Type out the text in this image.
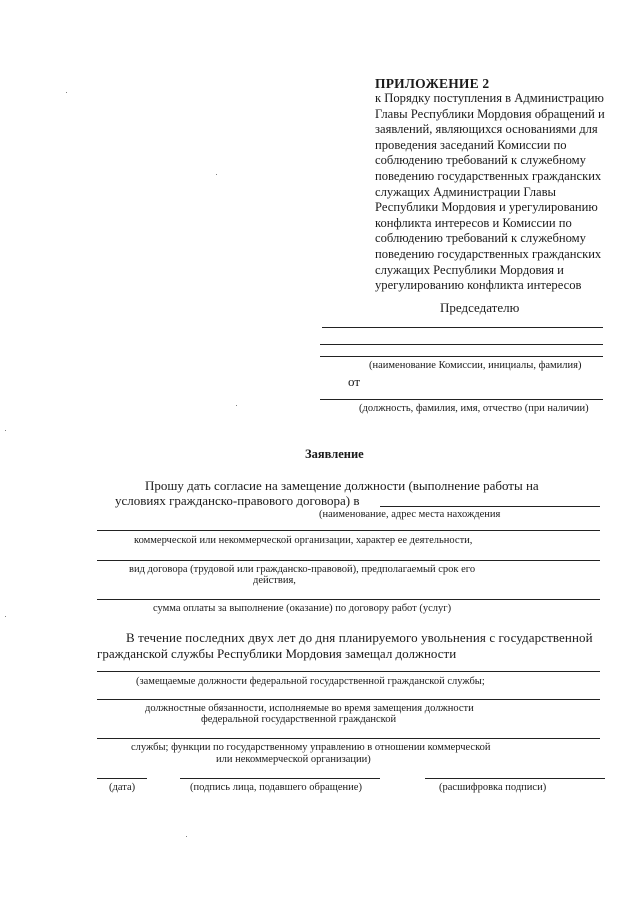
ПРИЛОЖЕНИЕ 2
к Порядку поступления в Администрацию
Главы Республики Мордовия обращений и
заявлений, являющихся основаниями для
проведения заседаний Комиссии по
соблюдению требований к служебному
поведению государственных гражданских
служащих Администрации Главы
Республики Мордовия и урегулированию
конфликта интересов и Комиссии по
соблюдению требований к служебному
поведению государственных гражданских
служащих Республики Мордовия и
урегулированию конфликта интересов
Председателю
(наименование Комиссии, инициалы, фамилия)
от
(должность, фамилия, имя, отчество (при наличии)
Заявление
Прошу дать согласие на замещение должности (выполнение работы на
условиях гражданско-правового договора) в
(наименование, адрес места нахождения
коммерческой или некоммерческой организации, характер ее деятельности,
вид договора (трудовой или гражданско-правовой), предполагаемый срок его
действия,
сумма оплаты за выполнение (оказание) по договору работ (услуг)
В течение последних двух лет до дня планируемого увольнения с государственной
гражданской службы Республики Мордовия замещал должности
(замещаемые должности федеральной государственной гражданской службы;
должностные обязанности, исполняемые во время замещения должности
федеральной государственной гражданской
службы; функции по государственному управлению в отношении коммерческой
или некоммерческой организации)
(дата)	(подпись лица, подавшего обращение)	(расшифровка подписи)
